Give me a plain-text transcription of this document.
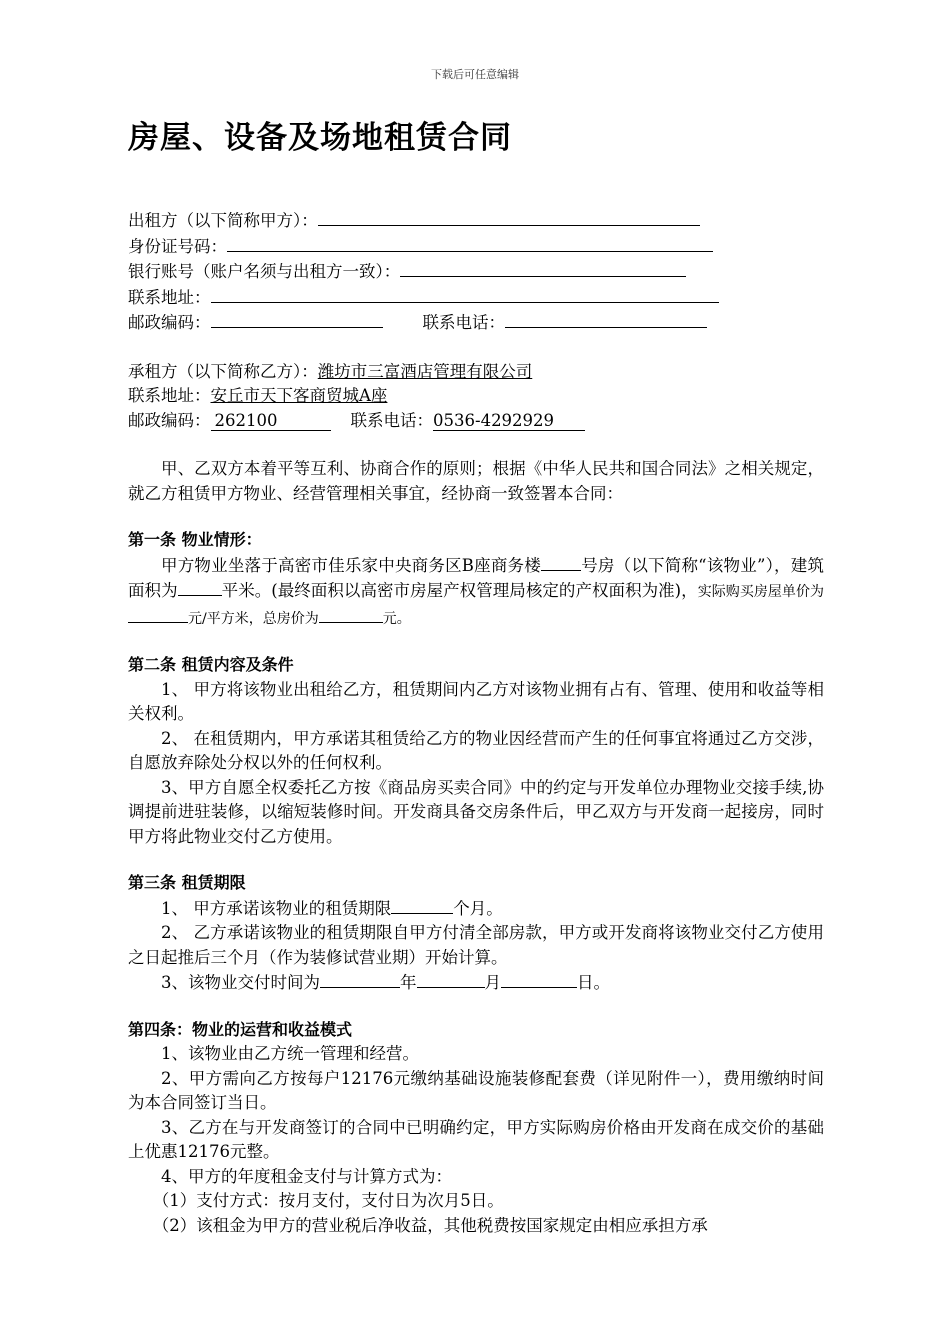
下载后可任意编辑
房屋、设备及场地租赁合同
出租方（以下简称甲方）：
身份证号码：
银行账号（账户名须与出租方一致）：
联系地址：
邮政编码：	联系电话：
承租方（以下简称乙方）：潍坊市三富酒店管理有限公司
联系地址：安丘市天下客商贸城A座
邮政编码： 262100	联系电话：0536-4292929
甲、乙双方本着平等互利、协商合作的原则；根据《中华人民共和国合同法》之相关规定，就乙方租赁甲方物业、经营管理相关事宜，经协商一致签署本合同：
第一条 物业情形：
甲方物业坐落于高密市佳乐家中央商务区B座商务楼 号房（以下简称“该物业”），建筑面积为	平米。(最终面积以高密市房屋产权管理局核定的产权面积为准)，实际购买房屋单价为元/平方米，总房价为	元。
第二条 租赁内容及条件
1、 甲方将该物业出租给乙方，租赁期间内乙方对该物业拥有占有、管理、使用和收益等相关权利。
2、 在租赁期内，甲方承诺其租赁给乙方的物业因经营而产生的任何事宜将通过乙方交涉，自愿放弃除处分权以外的任何权利。
3、甲方自愿全权委托乙方按《商品房买卖合同》中的约定与开发单位办理物业交接手续,协调提前进驻装修，以缩短装修时间。开发商具备交房条件后，甲乙双方与开发商一起接房，同时甲方将此物业交付乙方使用。
第三条 租赁期限
1、 甲方承诺该物业的租赁期限	个月。
2、 乙方承诺该物业的租赁期限自甲方付清全部房款，甲方或开发商将该物业交付乙方使用之日起推后三个月（作为装修试营业期）开始计算。
3、该物业交付时间为	年	月	日。
第四条：物业的运营和收益模式
1、该物业由乙方统一管理和经营。
2、甲方需向乙方按每户12176元缴纳基础设施装修配套费（详见附件一），费用缴纳时间为本合同签订当日。
3、乙方在与开发商签订的合同中已明确约定，甲方实际购房价格由开发商在成交价的基础上优惠12176元整。
4、甲方的年度租金支付与计算方式为：
（1）支付方式：按月支付，支付日为次月5日。
（2）该租金为甲方的营业税后净收益，其他税费按国家规定由相应承担方承
